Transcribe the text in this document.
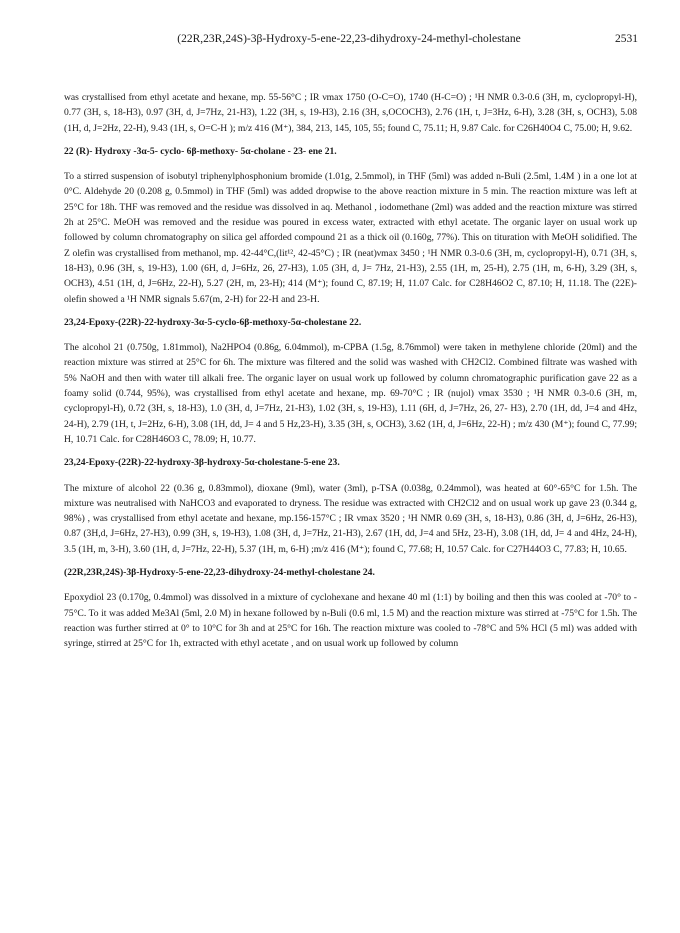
(22R,23R,24S)-3β-Hydroxy-5-ene-22,23-dihydroxy-24-methyl-cholestane	2531

was crystallised from ethyl acetate and hexane, mp. 55-56°C ; IR νmax 1750 (O-C=O), 1740 (H-C=O) ; ¹H NMR 0.3-0.6 (3H, m, cyclopropyl-H), 0.77 (3H, s, 18-H3), 0.97 (3H, d, J=7Hz, 21-H3), 1.22 (3H, s, 19-H3), 2.16 (3H, s,OCOCH3), 2.76 (1H, t, J=3Hz, 6-H), 3.28 (3H, s, OCH3), 5.08 (1H, d, J=2Hz, 22-H), 9.43 (1H, s, O=C-H ); m/z 416 (M⁺), 384, 213, 145, 105, 55; found C, 75.11; H, 9.87 Calc. for C26H40O4 C, 75.00; H, 9.62.

22 (R)- Hydroxy -3α-5- cyclo- 6β-methoxy- 5α-cholane - 23- ene 21.

To a stirred suspension of isobutyl triphenylphosphonium bromide (1.01g, 2.5mmol), in THF (5ml) was added n-Buli (2.5ml, 1.4M ) in a one lot at 0°C. Aldehyde 20 (0.208 g, 0.5mmol) in THF (5ml) was added dropwise to the above reaction mixture in 5 min. The reaction mixture was left at 25°C for 18h. THF was removed and the residue was dissolved in aq. Methanol , iodomethane (2ml) was added and the reaction mixture was stirred 2h at 25°C. MeOH was removed and the residue was poured in excess water, extracted with ethyl acetate. The organic layer on usual work up followed by column chromatography on silica gel afforded compound 21 as a thick oil (0.160g, 77%). This on tituration with MeOH solidified. The Z olefin was crystallised from methanol, mp. 42-44°C,(lit¹², 42-45°C) ; IR (neat)νmax 3450 ; ¹H NMR 0.3-0.6 (3H, m, cyclopropyl-H), 0.71 (3H, s, 18-H3), 0.96 (3H, s, 19-H3), 1.00 (6H, d, J=6Hz, 26, 27-H3), 1.05 (3H, d, J= 7Hz, 21-H3), 2.55 (1H, m, 25-H), 2.75 (1H, m, 6-H), 3.29 (3H, s, OCH3), 4.51 (1H, d, J=6Hz, 22-H), 5.27 (2H, m, 23-H); 414 (M⁺); found C, 87.19; H, 11.07 Calc. for C28H46O2 C, 87.10; H, 11.18. The (22E)- olefin showed a ¹H NMR signals 5.67(m, 2-H) for 22-H and 23-H.

23,24-Epoxy-(22R)-22-hydroxy-3α-5-cyclo-6β-methoxy-5α-cholestane 22.

The alcohol 21 (0.750g, 1.81mmol), Na2HPO4 (0.86g, 6.04mmol), m-CPBA (1.5g, 8.76mmol) were taken in methylene chloride (20ml) and the reaction mixture was stirred at 25°C for 6h. The mixture was filtered and the solid was washed with CH2Cl2. Combined filtrate was washed with 5% NaOH and then with water till alkali free. The organic layer on usual work up followed by column chromatographic purification gave 22 as a foamy solid (0.744, 95%), was crystallised from ethyl acetate and hexane, mp. 69-70°C ; IR (nujol) νmax 3530 ; ¹H NMR 0.3-0.6 (3H, m, cyclopropyl-H), 0.72 (3H, s, 18-H3), 1.0 (3H, d, J=7Hz, 21-H3), 1.02 (3H, s, 19-H3), 1.11 (6H, d, J=7Hz, 26, 27- H3), 2.70 (1H, dd, J=4 and 4Hz, 24-H), 2.79 (1H, t, J=2Hz, 6-H), 3.08 (1H, dd, J= 4 and 5 Hz,23-H), 3.35 (3H, s, OCH3), 3.62 (1H, d, J=6Hz, 22-H) ; m/z 430 (M⁺); found C, 77.99; H, 10.71 Calc. for C28H46O3 C, 78.09; H, 10.77.

23,24-Epoxy-(22R)-22-hydroxy-3β-hydroxy-5α-cholestane-5-ene 23.

The mixture of alcohol 22 (0.36 g, 0.83mmol), dioxane (9ml), water (3ml), p-TSA (0.038g, 0.24mmol), was heated at 60°-65°C for 1.5h. The mixture was neutralised with NaHCO3 and evaporated to dryness. The residue was extracted with CH2Cl2 and on usual work up gave 23 (0.344 g, 98%) , was crystallised from ethyl acetate and hexane, mp.156-157°C ; IR νmax 3520 ; ¹H NMR 0.69 (3H, s, 18-H3), 0.86 (3H, d, J=6Hz, 26-H3), 0.87 (3H,d, J=6Hz, 27-H3), 0.99 (3H, s, 19-H3), 1.08 (3H, d, J=7Hz, 21-H3), 2.67 (1H, dd, J=4 and 5Hz, 23-H), 3.08 (1H, dd, J= 4 and 4Hz, 24-H), 3.5 (1H, m, 3-H), 3.60 (1H, d, J=7Hz, 22-H), 5.37 (1H, m, 6-H) ;m/z 416 (M⁺); found C, 77.68; H, 10.57 Calc. for C27H44O3 C, 77.83; H, 10.65.

(22R,23R,24S)-3β-Hydroxy-5-ene-22,23-dihydroxy-24-methyl-cholestane 24.

Epoxydiol 23 (0.170g, 0.4mmol) was dissolved in a mixture of cyclohexane and hexane 40 ml (1:1) by boiling and then this was cooled at -70° to - 75°C. To it was added Me3Al (5ml, 2.0 M) in hexane followed by n-Buli (0.6 ml, 1.5 M) and the reaction mixture was stirred at -75°C for 1.5h. The reaction was further stirred at 0° to 10°C for 3h and at 25°C for 16h. The reaction mixture was cooled to -78°C and 5% HCl (5 ml) was added with syringe, stirred at 25°C for 1h, extracted with ethyl acetate , and on usual work up followed by column
